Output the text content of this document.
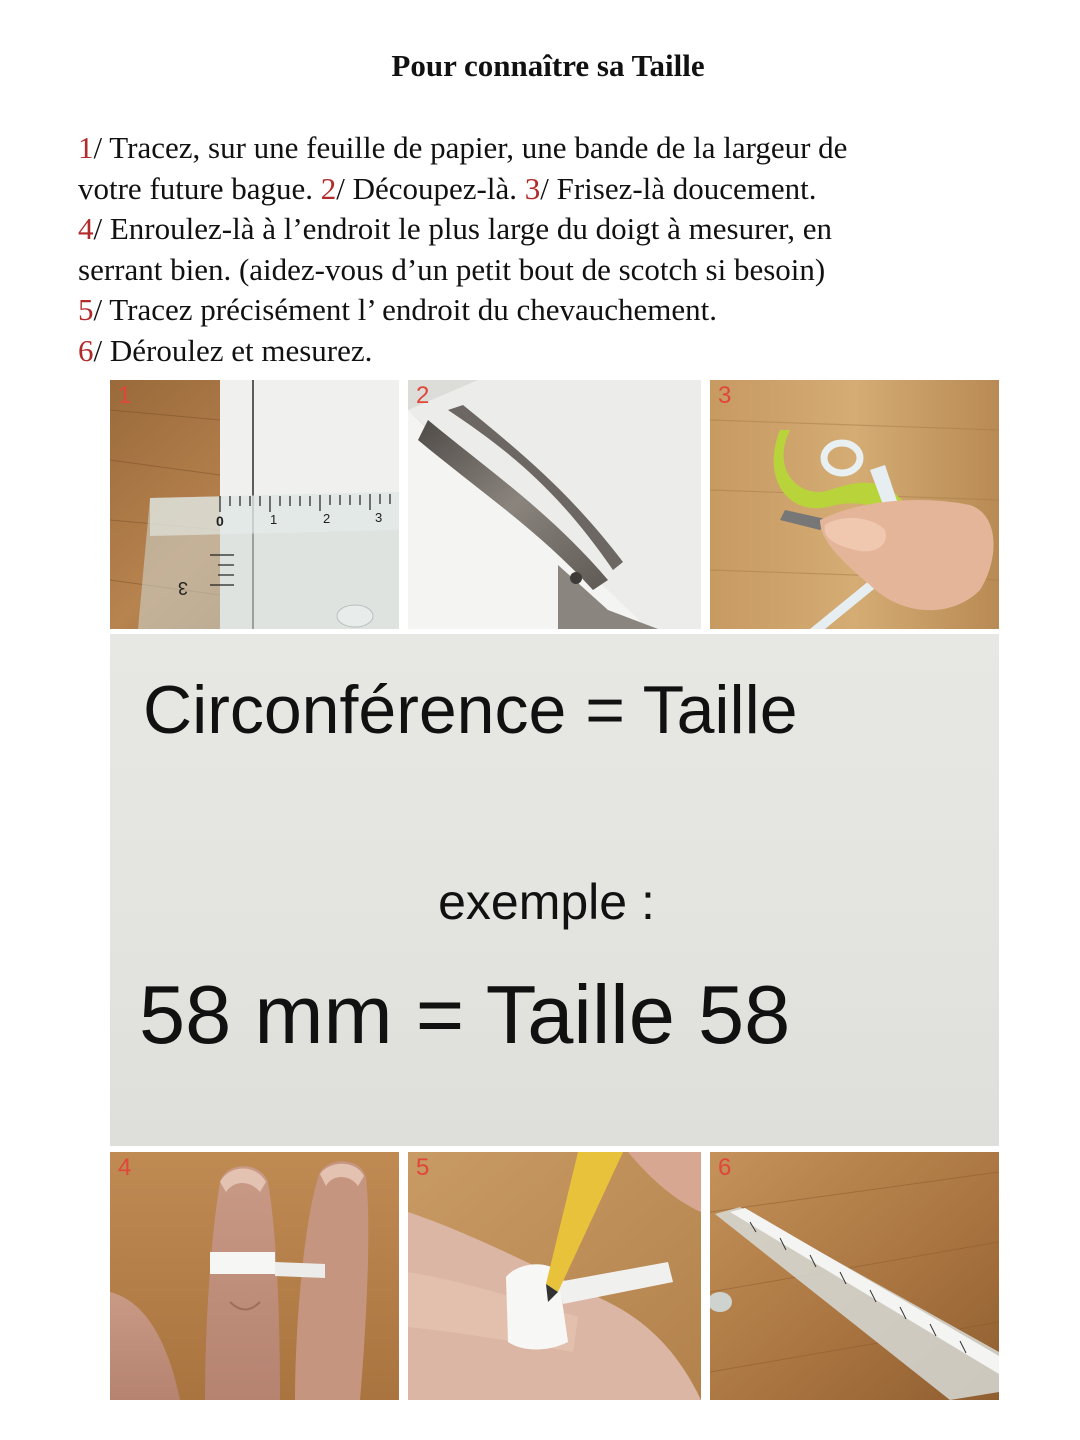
Pour connaître sa Taille
1/ Tracez, sur une feuille de papier, une bande de la largeur de
votre future bague. 2/ Découpez-là. 3/ Frisez-là doucement.
4/ Enroulez-là à l’endroit le plus large du doigt à mesurer, en
serrant bien. (aidez-vous d’un petit bout de scotch si besoin)
5/ Tracez précisément l’ endroit du chevauchement.
6/ Déroulez et mesurez.
0	1	2	3
3
1	2	3
Circonférence = Taille
exemple :
58 mm = Taille 58
4	5	6
